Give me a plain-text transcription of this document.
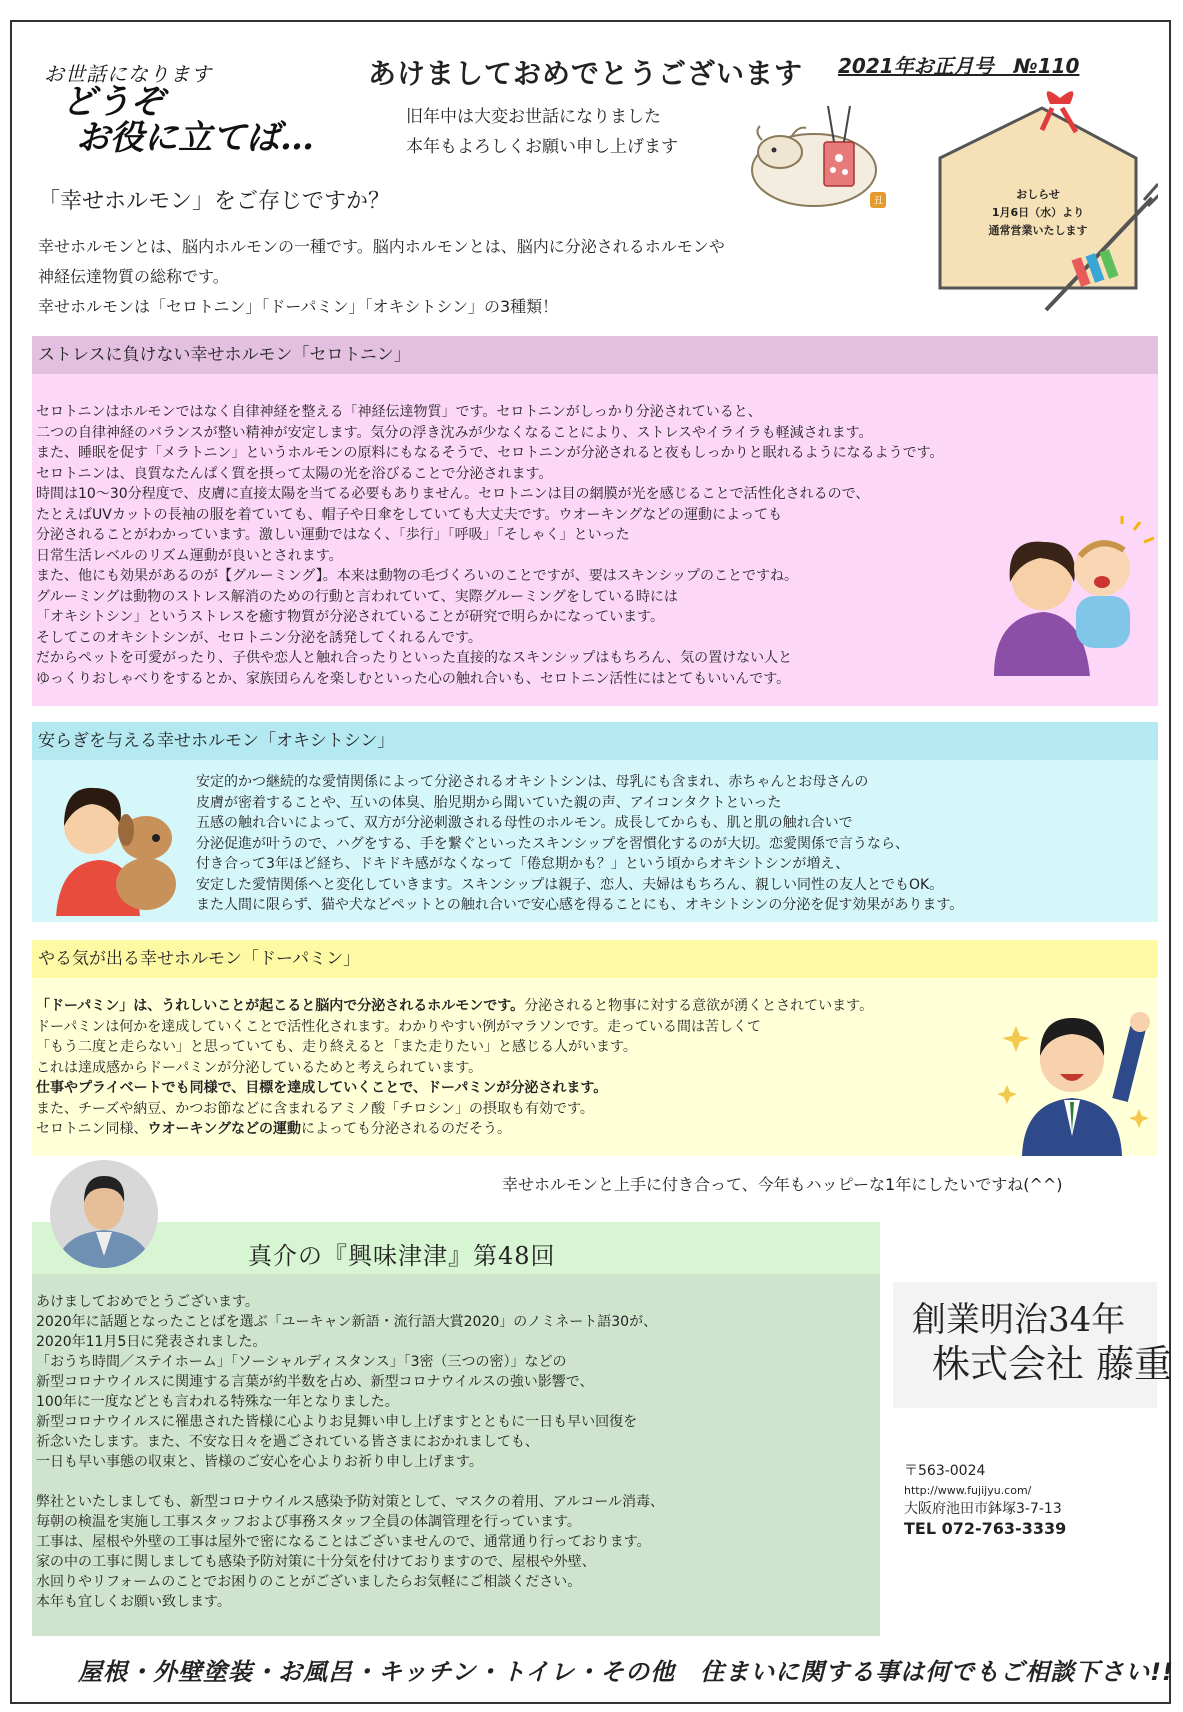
お世話になります
どうぞ
お役に立てば…
あけましておめでとうございます
旧年中は大変お世話になりました
本年もよろしくお願い申し上げます
2021年お正月号　№110
丑
おしらせ
1月6日（水）より
通常営業いたします
「幸せホルモン」をご存じですか？
幸せホルモンとは、脳内ホルモンの一種です。脳内ホルモンとは、脳内に分泌されるホルモンや
神経伝達物質の総称です。
幸せホルモンは「セロトニン」「ドーパミン」「オキシトシン」の3種類！
ストレスに負けない幸せホルモン「セロトニン」
セロトニンはホルモンではなく自律神経を整える「神経伝達物質」です。セロトニンがしっかり分泌されていると、
二つの自律神経のバランスが整い精神が安定します。気分の浮き沈みが少なくなることにより、ストレスやイライラも軽減されます。
また、睡眠を促す「メラトニン」というホルモンの原料にもなるそうで、セロトニンが分泌されると夜もしっかりと眠れるようになるようです。
セロトニンは、良質なたんぱく質を摂って太陽の光を浴びることで分泌されます。
時間は10～30分程度で、皮膚に直接太陽を当てる必要もありません。セロトニンは目の網膜が光を感じることで活性化されるので、
たとえばUVカットの長袖の服を着ていても、帽子や日傘をしていても大丈夫です。ウオーキングなどの運動によっても
分泌されることがわかっています。激しい運動ではなく、「歩行」「呼吸」「そしゃく」といった
日常生活レベルのリズム運動が良いとされます。
また、他にも効果があるのが【グルーミング】。本来は動物の毛づくろいのことですが、要はスキンシップのことですね。
グルーミングは動物のストレス解消のための行動と言われていて、実際グルーミングをしている時には
「オキシトシン」というストレスを癒す物質が分泌されていることが研究で明らかになっています。
そしてこのオキシトシンが、セロトニン分泌を誘発してくれるんです。
だからペットを可愛がったり、子供や恋人と触れ合ったりといった直接的なスキンシップはもちろん、気の置けない人と
ゆっくりおしゃべりをするとか、家族団らんを楽しむといった心の触れ合いも、セロトニン活性にはとてもいいんです。
安らぎを与える幸せホルモン「オキシトシン」
安定的かつ継続的な愛情関係によって分泌されるオキシトシンは、母乳にも含まれ、赤ちゃんとお母さんの
皮膚が密着することや、互いの体臭、胎児期から聞いていた親の声、アイコンタクトといった
五感の触れ合いによって、双方が分泌刺激される母性のホルモン。成長してからも、肌と肌の触れ合いで
分泌促進が叶うので、ハグをする、手を繋ぐといったスキンシップを習慣化するのが大切。恋愛関係で言うなら、
付き合って3年ほど経ち、ドキドキ感がなくなって「倦怠期かも？」という頃からオキシトシンが増え、
安定した愛情関係へと変化していきます。スキンシップは親子、恋人、夫婦はもちろん、親しい同性の友人とでもOK。
また人間に限らず、猫や犬などペットとの触れ合いで安心感を得ることにも、オキシトシンの分泌を促す効果があります。
やる気が出る幸せホルモン「ドーパミン」
「ドーパミン」は、うれしいことが起こると脳内で分泌されるホルモンです。分泌されると物事に対する意欲が湧くとされています。
ドーパミンは何かを達成していくことで活性化されます。わかりやすい例がマラソンです。走っている間は苦しくて
「もう二度と走らない」と思っていても、走り終えると「また走りたい」と感じる人がいます。
これは達成感からドーパミンが分泌しているためと考えられています。
仕事やプライベートでも同様で、目標を達成していくことで、ドーパミンが分泌されます。
また、チーズや納豆、かつお節などに含まれるアミノ酸「チロシン」の摂取も有効です。
セロトニン同様、ウオーキングなどの運動によっても分泌されるのだそう。
幸せホルモンと上手に付き合って、今年もハッピーな1年にしたいですね(^^)
真介の『興味津津』第48回
あけましておめでとうございます。
2020年に話題となったことばを選ぶ「ユーキャン新語・流行語大賞2020」のノミネート語30が、
2020年11月5日に発表されました。
「おうち時間／ステイホーム」「ソーシャルディスタンス」「3密（三つの密）」などの
新型コロナウイルスに関連する言葉が約半数を占め、新型コロナウイルスの強い影響で、
100年に一度などとも言われる特殊な一年となりました。
新型コロナウイルスに罹患された皆様に心よりお見舞い申し上げますとともに一日も早い回復を
祈念いたします。また、不安な日々を過ごされている皆さまにおかれましても、
一日も早い事態の収束と、皆様のご安心を心よりお祈り申し上げます。
弊社といたしましても、新型コロナウイルス感染予防対策として、マスクの着用、アルコール消毒、
毎朝の検温を実施し工事スタッフおよび事務スタッフ全員の体調管理を行っています。
工事は、屋根や外壁の工事は屋外で密になることはございませんので、通常通り行っております。
家の中の工事に関しましても感染予防対策に十分気を付けておりますので、屋根や外壁、
水回りやリフォームのことでお困りのことがございましたらお気軽にご相談ください。
本年も宜しくお願い致します。
創業明治34年
株式会社 藤重
〒563-0024
http://www.fujijyu.com/
大阪府池田市鉢塚3-7-13
TEL 072-763-3339
屋根・外壁塗装・お風呂・キッチン・トイレ・その他　住まいに関する事は何でもご相談下さい!!
